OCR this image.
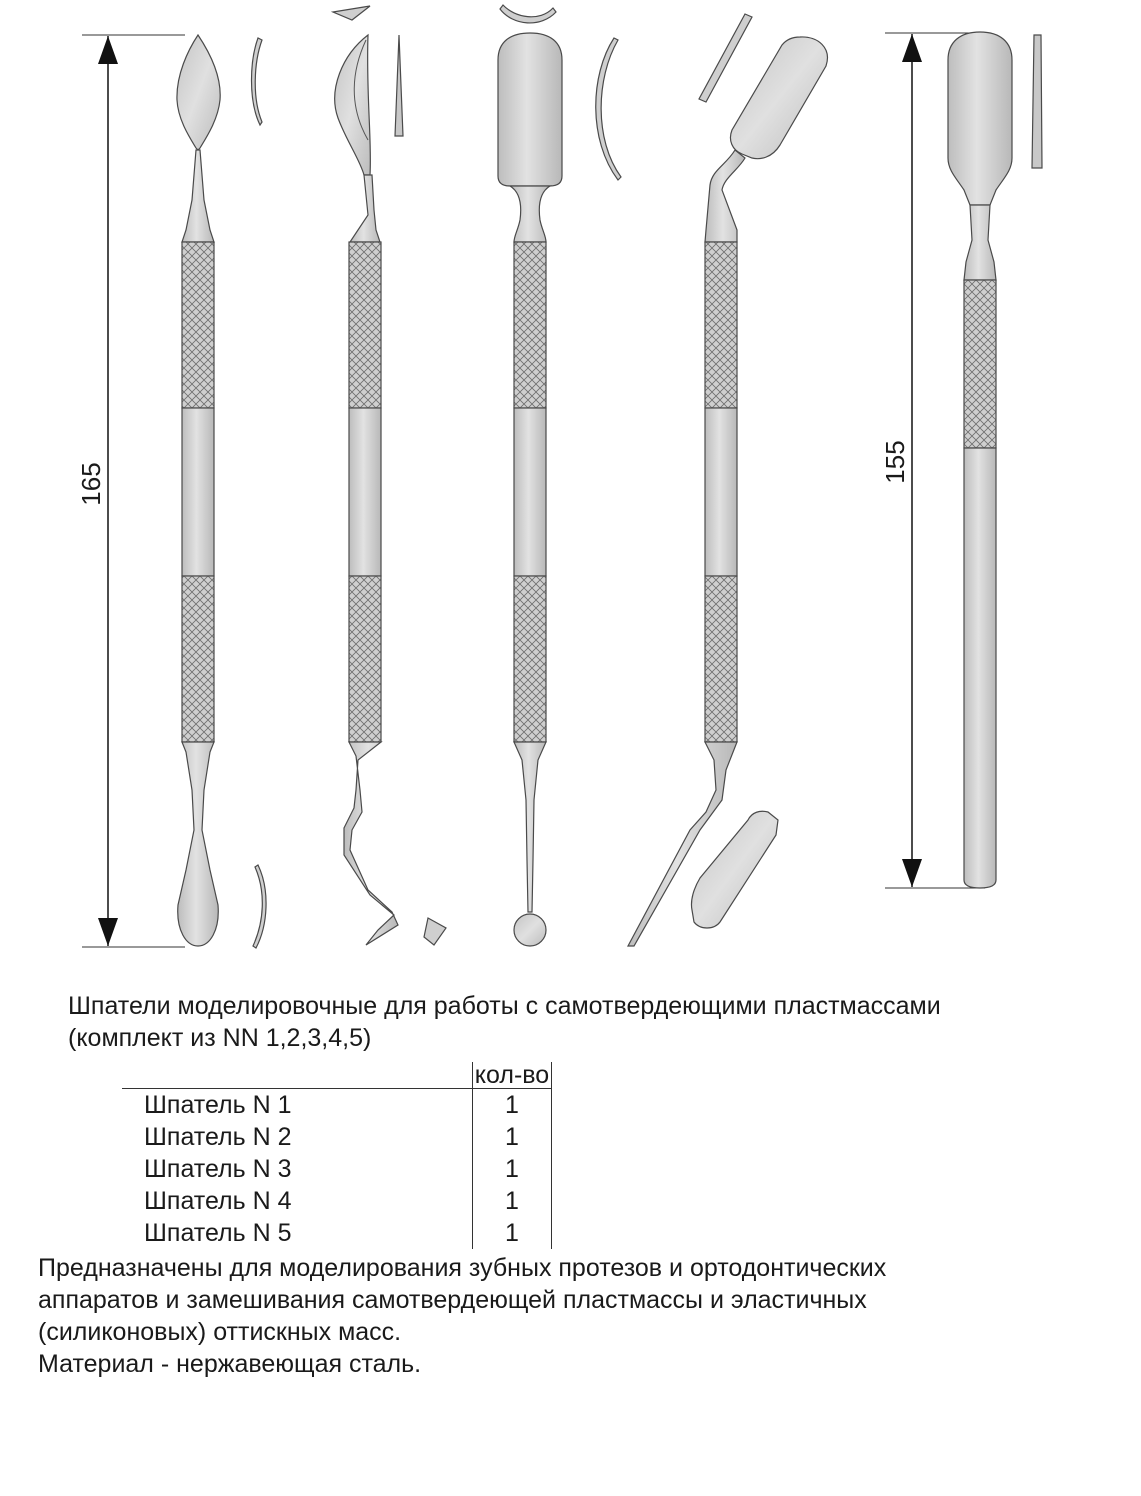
165
155
Шпатели моделировочные для работы с самотвердеющими пластмассами
(комплект из NN 1,2,3,4,5)
	кол-во
Шпатель N 1	1
Шпатель N 2	1
Шпатель N 3	1
Шпатель N 4	1
Шпатель N 5	1

Предназначены для моделирования зубных протезов и ортодонтических
аппаратов и замешивания самотвердеющей пластмассы и эластичных
(силиконовых) оттискных масс.
Материал - нержавеющая сталь.
